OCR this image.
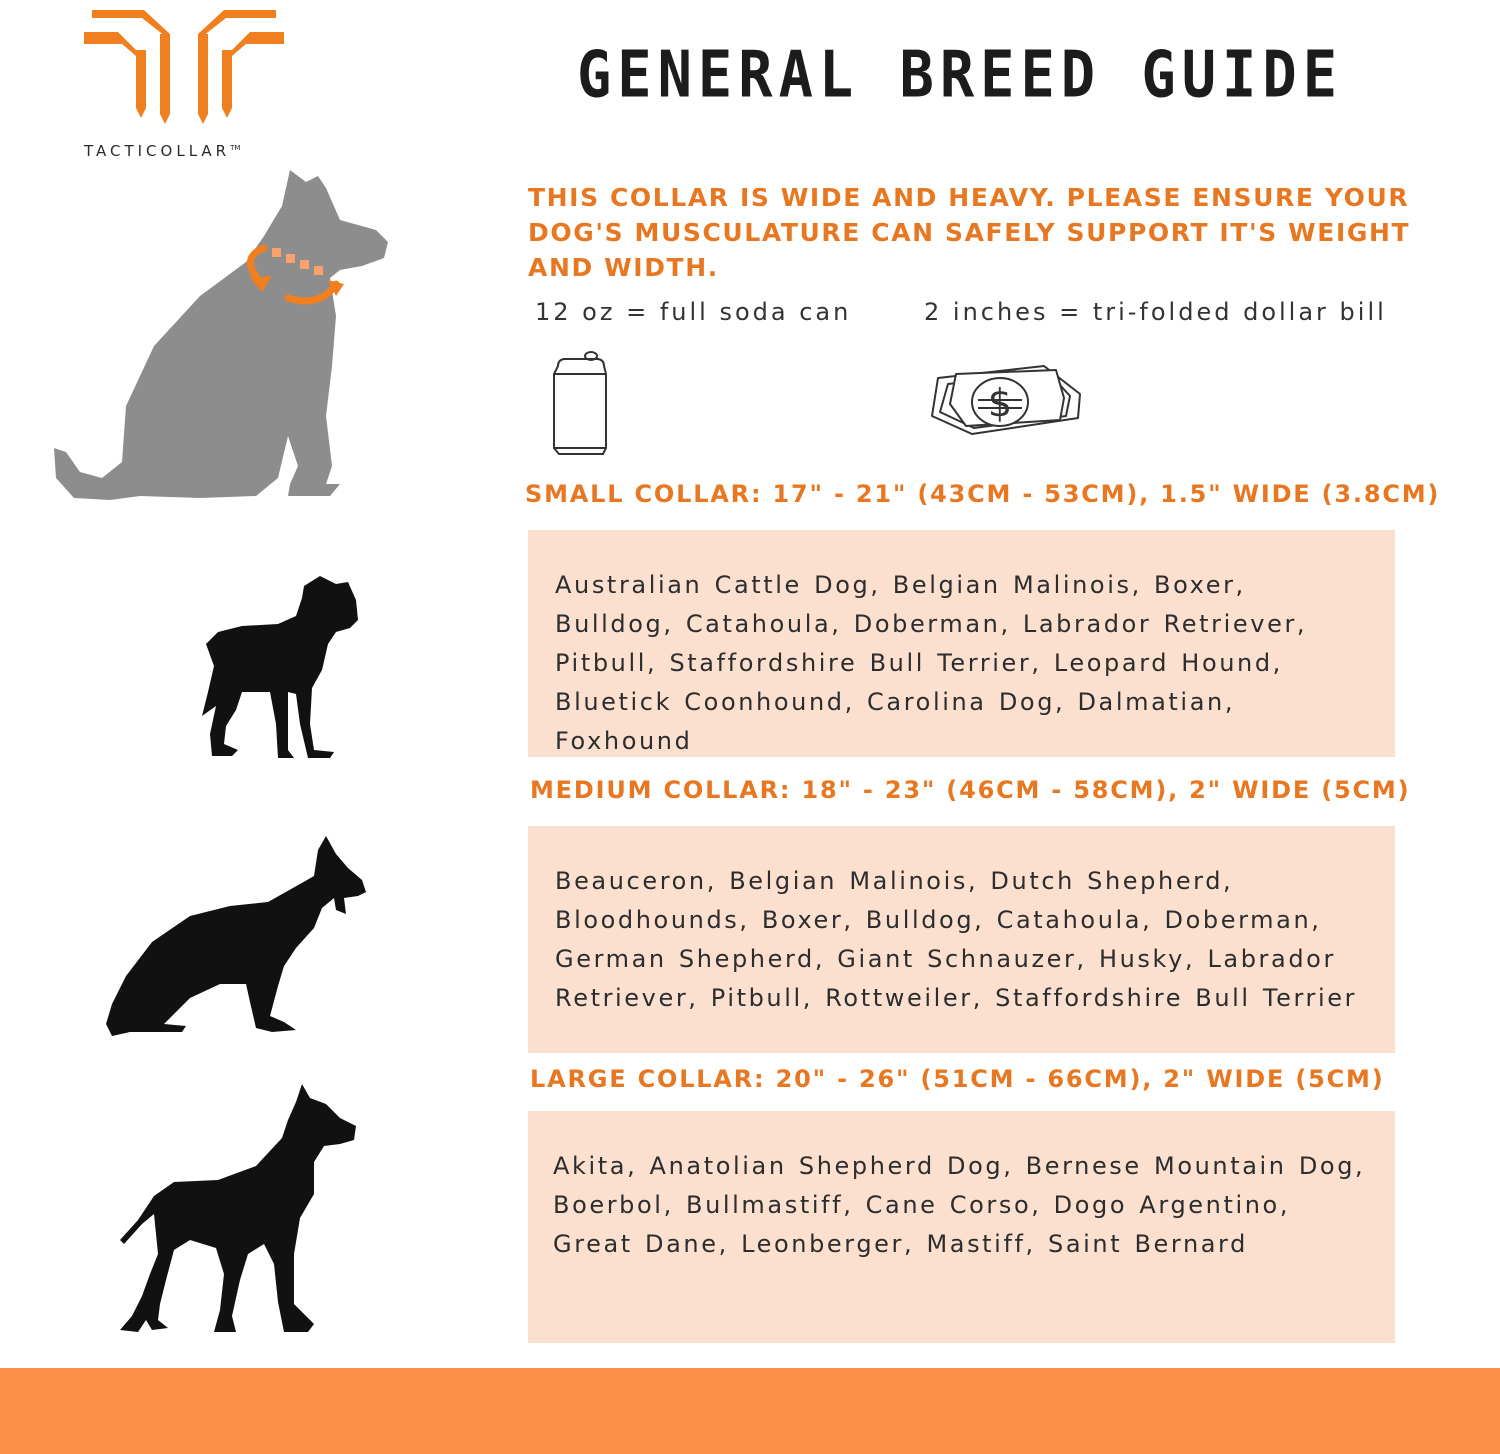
TACTICOLLAR™
GENERAL BREED GUIDE
THIS COLLAR IS WIDE AND HEAVY. PLEASE ENSURE YOUR DOG'S MUSCULATURE CAN SAFELY SUPPORT IT'S WEIGHT AND WIDTH.
12 oz = full soda can	2 inches = tri-folded dollar bill
$
SMALL COLLAR: 17" - 21" (43CM - 53CM), 1.5" WIDE (3.8CM)
Australian Cattle Dog, Belgian Malinois, Boxer, Bulldog, Catahoula, Doberman, Labrador Retriever, Pitbull, Staffordshire Bull Terrier, Leopard Hound, Bluetick Coonhound, Carolina Dog, Dalmatian, Foxhound
MEDIUM COLLAR: 18" - 23" (46CM - 58CM), 2" WIDE (5CM)
Beauceron, Belgian Malinois, Dutch Shepherd, Bloodhounds, Boxer, Bulldog, Catahoula, Doberman, German Shepherd, Giant Schnauzer, Husky, Labrador Retriever, Pitbull, Rottweiler, Staffordshire Bull Terrier
LARGE COLLAR: 20" - 26" (51CM - 66CM), 2" WIDE (5CM)
Akita, Anatolian Shepherd Dog, Bernese Mountain Dog, Boerbol, Bullmastiff, Cane Corso, Dogo Argentino, Great Dane, Leonberger, Mastiff, Saint Bernard
